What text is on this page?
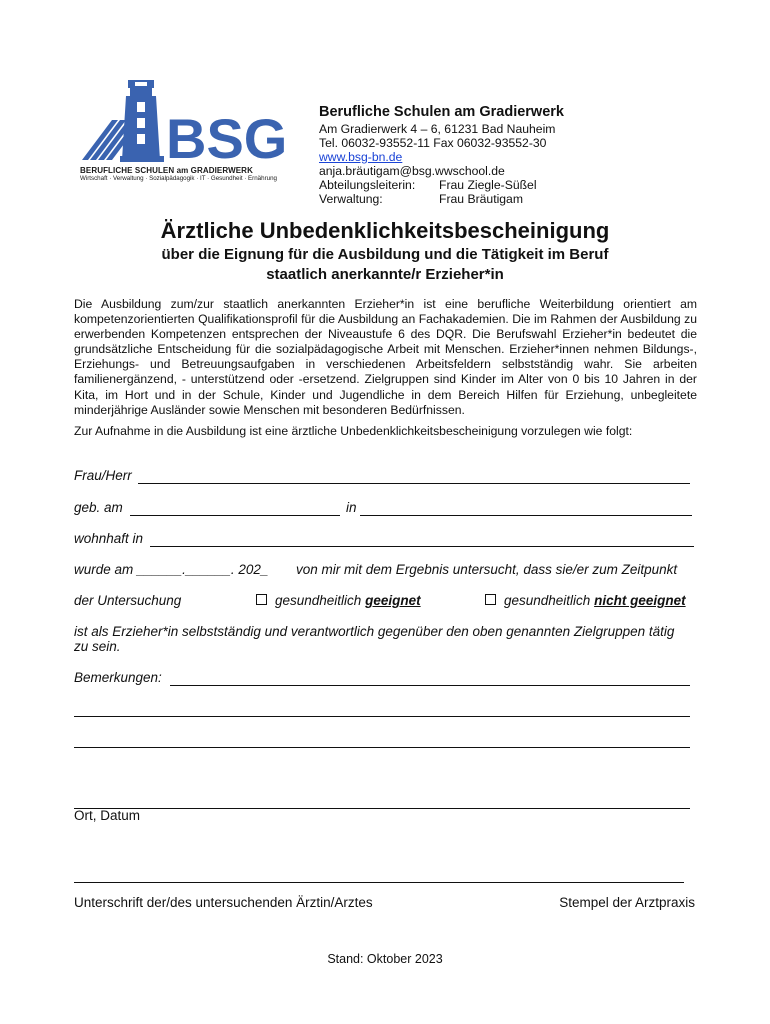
BSG
BERUFLICHE SCHULEN am GRADIERWERK
Wirtschaft · Verwaltung · Sozialpädagogik · IT · Gesundheit · Ernährung
Berufliche Schulen am Gradierwerk
Am Gradierwerk 4 – 6, 61231 Bad Nauheim
Tel. 06032-93552-11 Fax 06032-93552-30
www.bsg-bn.de
anja.bräutigam@bsg.wwschool.de
Abteilungsleiterin: Frau Ziegle-Süßel
Verwaltung:	Frau Bräutigam
Ärztliche Unbedenklichkeitsbescheinigung
über die Eignung für die Ausbildung und die Tätigkeit im Beruf
staatlich anerkannte/r Erzieher*in
Die Ausbildung zum/zur staatlich anerkannten Erzieher*in ist eine berufliche Weiterbildung orientiert am kompetenzorientierten Qualifikationsprofil für die Ausbildung an Fachakademien. Die im Rahmen der Ausbildung zu erwerbenden Kompetenzen entsprechen der Niveaustufe 6 des DQR. Die Berufswahl Erzieher*in bedeutet die grundsätzliche Entscheidung für die sozialpädagogische Arbeit mit Menschen. Erzieher*innen nehmen Bildungs-, Erziehungs- und Betreuungsaufgaben in verschiedenen Arbeitsfeldern selbstständig wahr. Sie arbeiten familienergänzend, - unterstützend oder -ersetzend. Zielgruppen sind Kinder im Alter von 0 bis 10 Jahren in der Kita, im Hort und in der Schule, Kinder und Jugendliche in dem Bereich Hilfen für Erziehung, unbegleitete minderjährige Ausländer sowie Menschen mit besonderen Bedürfnissen.
Zur Aufnahme in die Ausbildung ist eine ärztliche Unbedenklichkeitsbescheinigung vorzulegen wie folgt:
Frau/Herr
geb. am	in
wohnhaft in
wurde am ______.______. 202_ von mir mit dem Ergebnis untersucht, dass sie/er zum Zeitpunkt
der Untersuchung	gesundheitlich geeignet	gesundheitlich nicht geeignet
ist als Erzieher*in selbstständig und verantwortlich gegenüber den oben genannten Zielgruppen tätig
zu sein.
Bemerkungen:
Ort, Datum
Unterschrift der/des untersuchenden Ärztin/Arztes	Stempel der Arztpraxis
Stand: Oktober 2023
